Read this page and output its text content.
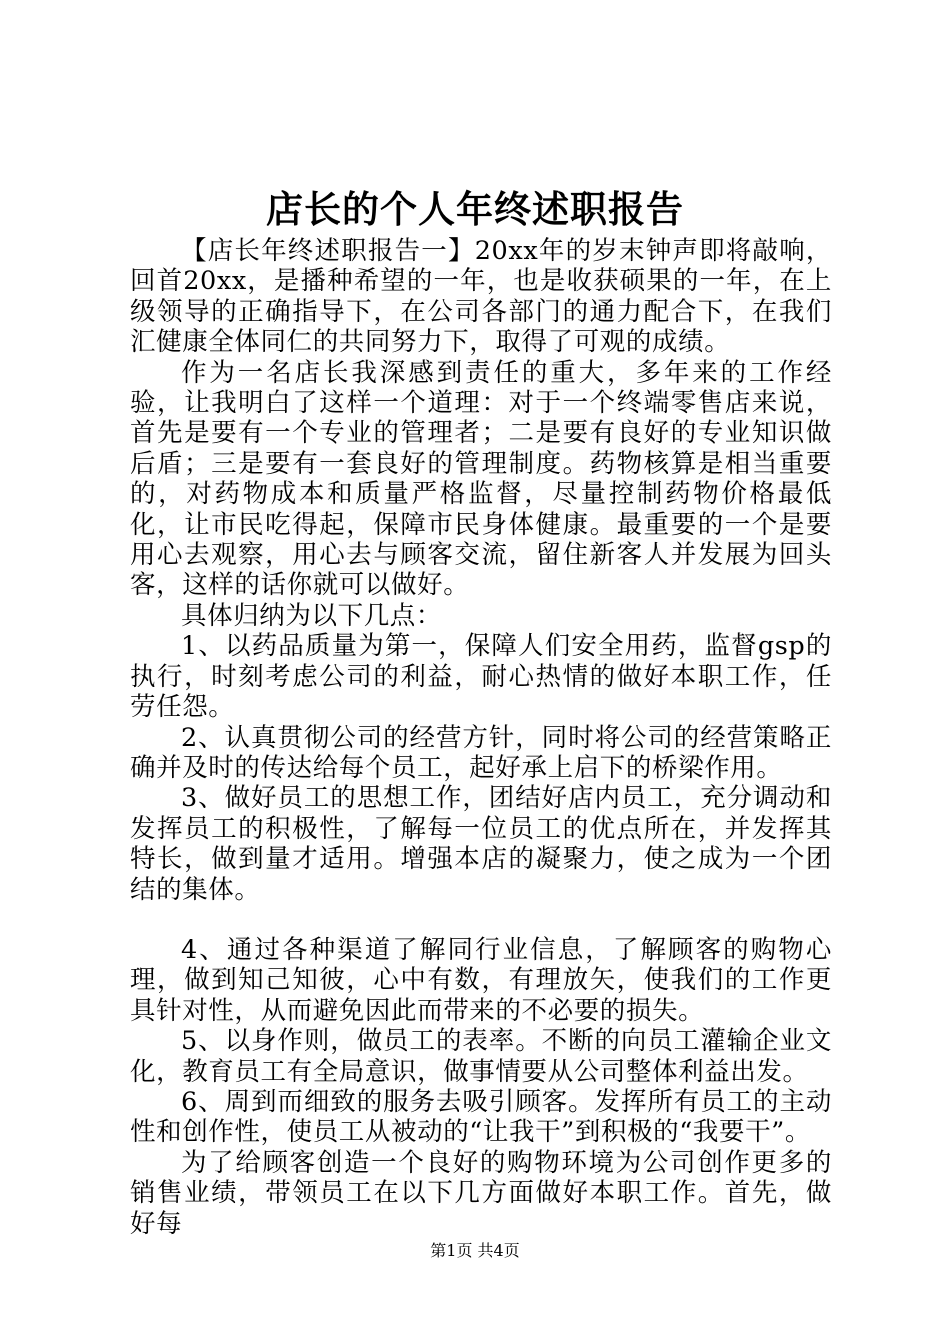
店长的个人年终述职报告

【店长年终述职报告一】20xx年的岁末钟声即将敲响，回首20xx，是播种希望的一年，也是收获硕果的一年，在上级领导的正确指导下，在公司各部门的通力配合下，在我们汇健康全体同仁的共同努力下，取得了可观的成绩。

作为一名店长我深感到责任的重大，多年来的工作经验，让我明白了这样一个道理：对于一个终端零售店来说，首先是要有一个专业的管理者；二是要有良好的专业知识做后盾；三是要有一套良好的管理制度。药物核算是相当重要的，对药物成本和质量严格监督，尽量控制药物价格最低化，让市民吃得起，保障市民身体健康。最重要的一个是要用心去观察，用心去与顾客交流，留住新客人并发展为回头客，这样的话你就可以做好。

具体归纳为以下几点：

1、以药品质量为第一，保障人们安全用药，监督gsp的执行，时刻考虑公司的利益，耐心热情的做好本职工作，任劳任怨。

2、认真贯彻公司的经营方针，同时将公司的经营策略正确并及时的传达给每个员工，起好承上启下的桥梁作用。

3、做好员工的思想工作，团结好店内员工，充分调动和发挥员工的积极性，了解每一位员工的优点所在，并发挥其特长，做到量才适用。增强本店的凝聚力，使之成为一个团结的集体。

4、通过各种渠道了解同行业信息，了解顾客的购物心理，做到知己知彼，心中有数，有理放矢，使我们的工作更具针对性，从而避免因此而带来的不必要的损失。

5、以身作则，做员工的表率。不断的向员工灌输企业文化，教育员工有全局意识，做事情要从公司整体利益出发。

6、周到而细致的服务去吸引顾客。发挥所有员工的主动性和创作性，使员工从被动的“让我干”到积极的“我要干”。

为了给顾客创造一个良好的购物环境为公司创作更多的销售业绩，带领员工在以下几方面做好本职工作。首先，做好每

第1页 共4页
